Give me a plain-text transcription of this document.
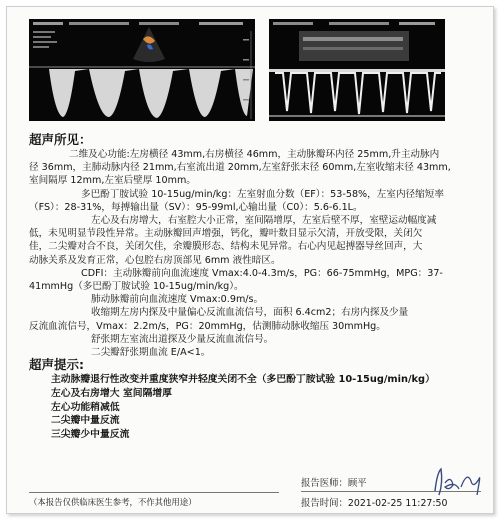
超声所见：

二维及心功能:左房横径 43mm,右房横径 46mm，主动脉瓣环内径 25mm,升主动脉内

径 36mm，主肺动脉内径 21mm,右室流出道 20mm,左室舒张末径 60mm,左室收缩末径 43mm,

室间隔厚 12mm,左室后壁厚 10mm。

多巴酚丁胺试验 10-15ug/min/kg：左室射血分数（EF）：53-58%，左室内径缩短率

（FS）：28-31%，每搏输出量（SV）：95-99ml,心输出量（C0）：5.6-6.1L。

左心及右房增大，右室腔大小正常，室间隔增厚，左室后壁不厚，室壁运动幅度减

低，未见明显节段性异常。主动脉瓣回声增强，钙化，瓣叶数目显示欠清，开放受限，关闭欠

佳，二尖瓣对合不良，关闭欠佳，余瓣膜形态、结构未见异常。右心内见起搏器导丝回声，大

动脉关系及发育正常，心包腔右房顶部见 6mm 液性暗区。

CDFI：主动脉瓣前向血流速度 Vmax:4.0-4.3m/s，PG：66-75mmHg，MPG：37-

41mmHg（多巴酚丁胺试验 10-15ug/min/kg）。

肺动脉瓣前向血流速度 Vmax:0.9m/s。

收缩期左房内探及中量偏心反流血流信号，面积 6.4cm2；右房内探及少量

反流血流信号，Vmax：2.2m/s，PG：20mmHg，估测肺动脉收缩压 30mmHg。

舒张期左室流出道探及少量反流血流信号。

二尖瓣舒张期血流 E/A<1。

超声提示:

主动脉瓣退行性改变并重度狭窄并轻度关闭不全（多巴酚丁胺试验 10-15ug/min/kg）

左心及右房增大 室间隔增厚

左心功能稍减低

二尖瓣中量反流

三尖瓣少中量反流

（本报告仅供临床医生参考，不作其他用途）
报告医师：顾平
报告时间：2021-02-25 11:27:50
